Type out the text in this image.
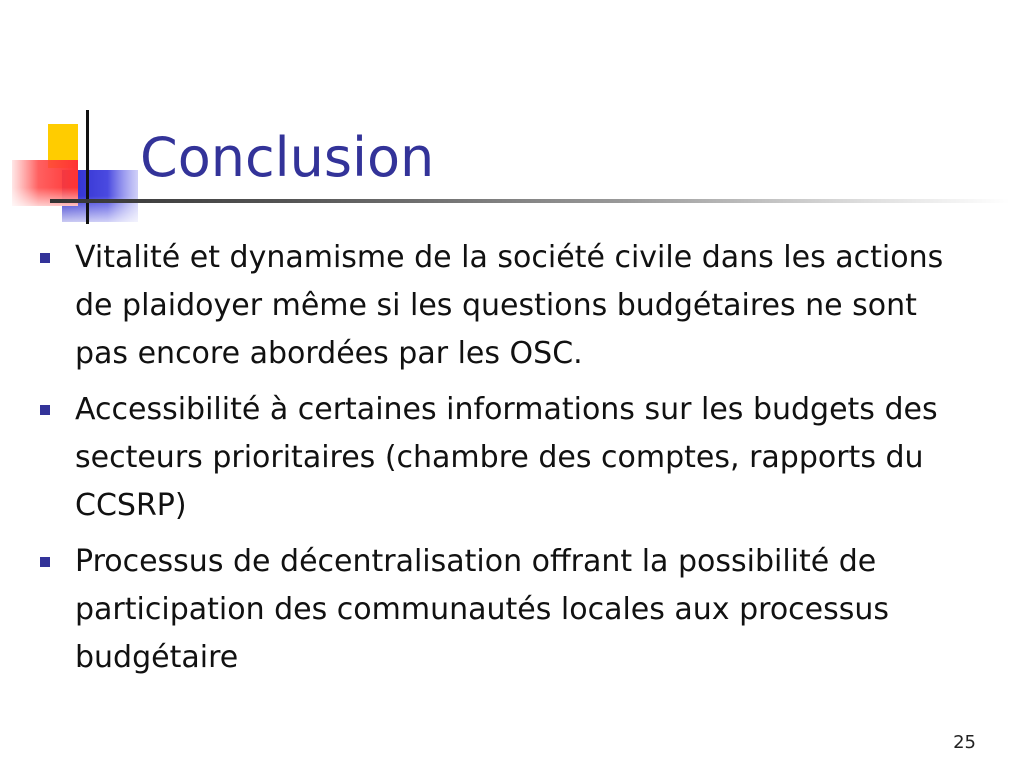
Conclusion
Vitalité et dynamisme de la société civile dans les actions de plaidoyer même si les questions budgétaires ne sont pas encore abordées par les OSC.
Accessibilité à certaines informations sur les budgets des secteurs prioritaires (chambre des comptes, rapports du CCSRP)
Processus de décentralisation offrant la possibilité de participation des communautés locales aux processus budgétaire
25
